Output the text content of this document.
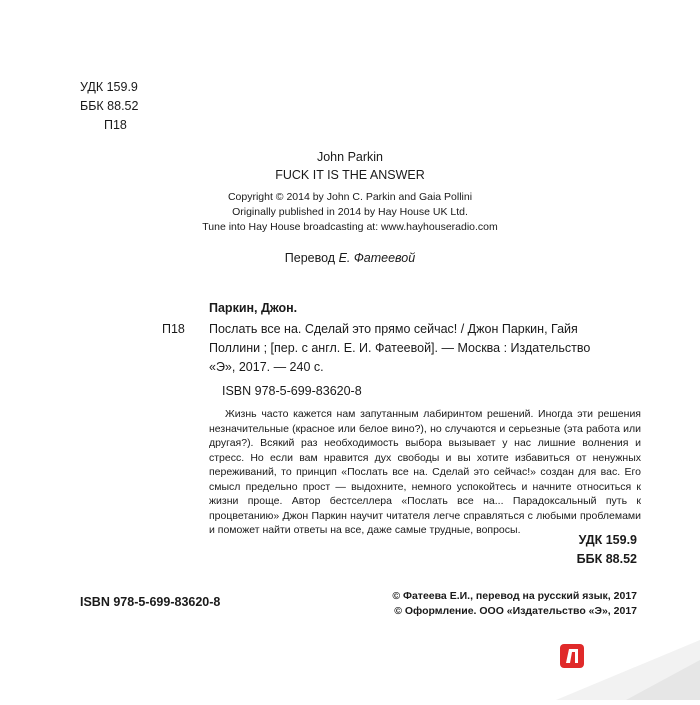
УДК 159.9
ББК 88.52
П18
John Parkin
FUCK IT IS THE ANSWER
Copyright © 2014 by John C. Parkin and Gaia Pollini
Originally published in 2014 by Hay House UK Ltd.
Tune into Hay House broadcasting at: www.hayhouseradio.com
Перевод Е. Фатеевой
Паркин, Джон.
П18 Послать все на. Сделай это прямо сейчас! / Джон Паркин, Гайя
Поллини ; [пер. с англ. Е. И. Фатеевой]. — Москва : Издательство
«Э», 2017. — 240 с.
ISBN 978-5-699-83620-8

Жизнь часто кажется нам запутанным лабиринтом решений. Иногда эти решения незначительные (красное или белое вино?), но случаются и серьезные (эта работа или другая?). Всякий раз необходимость выбора вызывает у нас лишние волнения и стресс. Но если вам нравится дух свободы и вы хотите избавиться от ненужных переживаний, то принцип «Послать все на. Сделай это сейчас!» создан для вас. Его смысл предельно прост — выдохните, немного успокойтесь и начните относиться к жизни проще. Автор бестселлера «Послать все на... Парадоксальный путь к процветанию» Джон Паркин научит читателя легче справляться с любыми проблемами и поможет найти ответы на все, даже самые трудные, вопросы.

УДК 159.9
ББК 88.52
ISBN 978-5-699-83620-8	© Фатеева Е.И., перевод на русский язык, 2017
© Оформление. ООО «Издательство «Э», 2017
